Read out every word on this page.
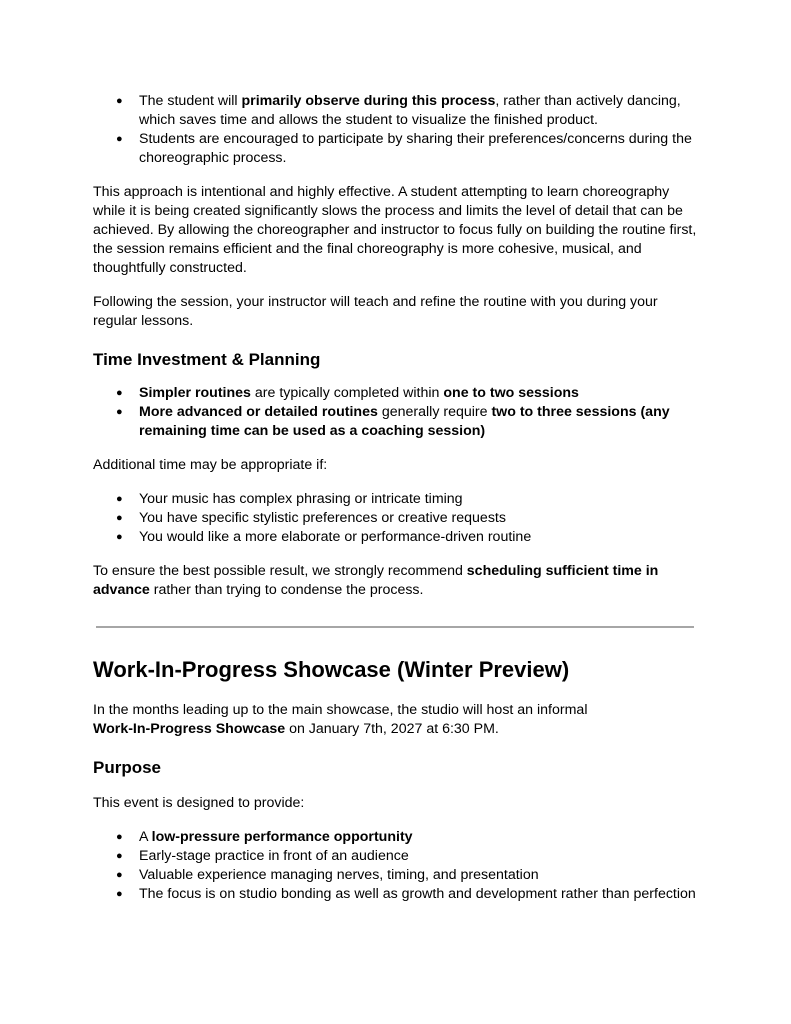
● The student will primarily observe during this process, rather than actively dancing, which saves time and allows the student to visualize the finished product.
● Students are encouraged to participate by sharing their preferences/concerns during the choreographic process.

This approach is intentional and highly effective. A student attempting to learn choreography while it is being created significantly slows the process and limits the level of detail that can be achieved. By allowing the choreographer and instructor to focus fully on building the routine first, the session remains efficient and the final choreography is more cohesive, musical, and thoughtfully constructed.

Following the session, your instructor will teach and refine the routine with you during your regular lessons.

Time Investment & Planning
● Simpler routines are typically completed within one to two sessions
● More advanced or detailed routines generally require two to three sessions (any remaining time can be used as a coaching session)

Additional time may be appropriate if:

● Your music has complex phrasing or intricate timing
● You have specific stylistic preferences or creative requests
● You would like a more elaborate or performance-driven routine

To ensure the best possible result, we strongly recommend scheduling sufficient time in advance rather than trying to condense the process.

Work-In-Progress Showcase (Winter Preview)

In the months leading up to the main showcase, the studio will host an informal
Work-In-Progress Showcase on January 7th, 2027 at 6:30 PM.

Purpose

This event is designed to provide:

● A low-pressure performance opportunity
● Early-stage practice in front of an audience
● Valuable experience managing nerves, timing, and presentation
● The focus is on studio bonding as well as growth and development rather than perfection
